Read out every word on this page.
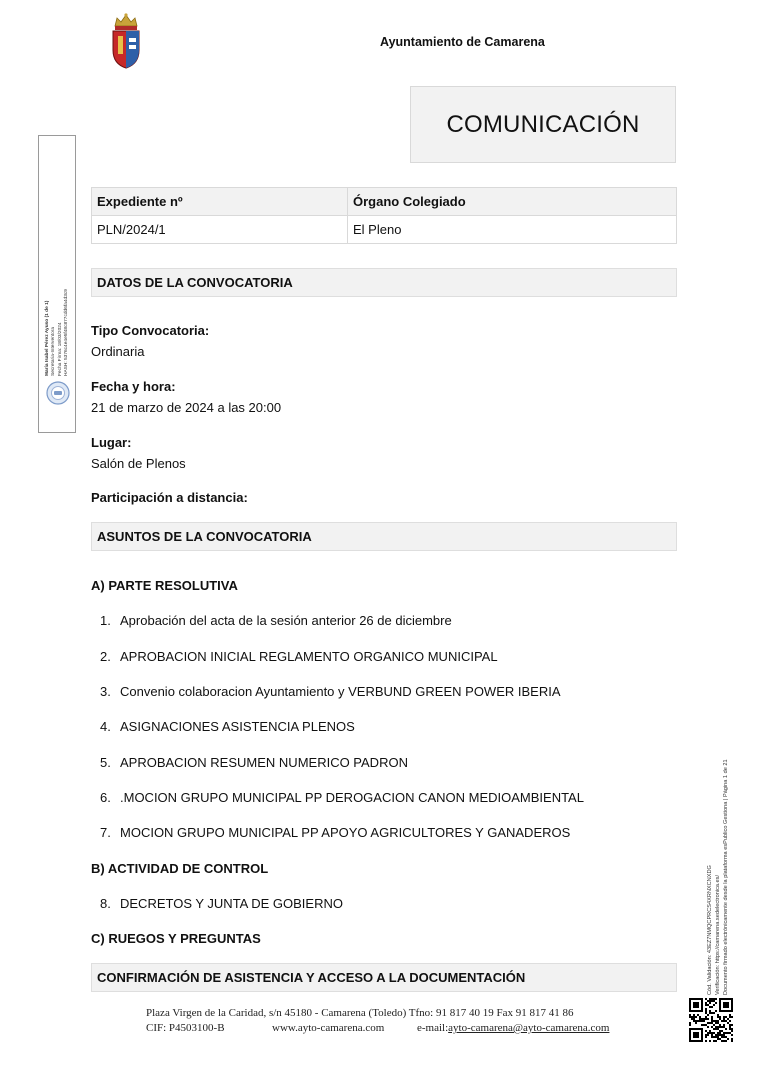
Ayuntamiento de Camarena
COMUNICACIÓN
María Isabel Pérez Ayuso (1 de 1) Secretaria-Interventora Fecha Firma: 18/03/2024 HASH: 5376c4e4e5f48c877cdd6fa4d3c9
Expediente nº	Órgano Colegiado
PLN/2024/1	El Pleno
DATOS DE LA CONVOCATORIA
Tipo Convocatoria:
Ordinaria
Fecha y hora:
21 de marzo de 2024 a las 20:00
Lugar:
Salón de Plenos
Participación a distancia:
ASUNTOS DE LA CONVOCATORIA
A) PARTE RESOLUTIVA
1. Aprobación del acta de la sesión anterior 26 de diciembre
2. APROBACION INICIAL REGLAMENTO ORGANICO MUNICIPAL
3. Convenio colaboracion Ayuntamiento y VERBUND GREEN POWER IBERIA
4. ASIGNACIONES ASISTENCIA PLENOS
5. APROBACION RESUMEN NUMERICO PADRON
6. .MOCION GRUPO MUNICIPAL PP DEROGACION CANON MEDIOAMBIENTAL
7. MOCION GRUPO MUNICIPAL PP APOYO AGRICULTORES Y GANADEROS
B) ACTIVIDAD DE CONTROL
8. DECRETOS Y JUNTA DE GOBIERNO
C) RUEGOS Y PREGUNTAS
CONFIRMACIÓN DE ASISTENCIA Y ACCESO A LA DOCUMENTACIÓN
Plaza Virgen de la Caridad, s/n 45180 - Camarena (Toledo) Tfno: 91 817 40 19 Fax 91 817 41 86
CIF: P4503100-B	www.ayto-camarena.com	e-mail:ayto-camarena@ayto-camarena.com
Cód. Validación: 43EZ7NMQCPRCS4XRNXCNXDG Verificación: https://camarena.sedelectronica.es/ Documento firmado electrónicamente desde la plataforma esPublico Gestiona | Página 1 de 21
